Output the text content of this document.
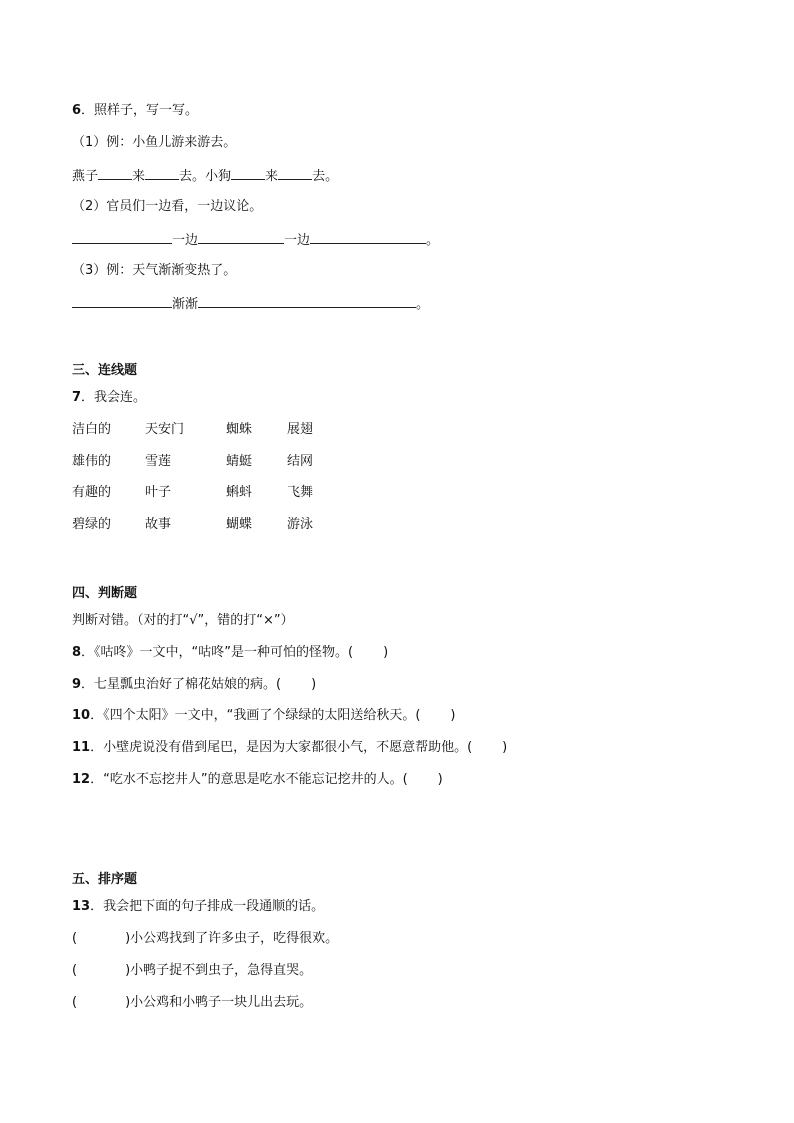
6．照样子，写一写。
（1）例：小鱼儿游来游去。
燕子	来	去。小狗	来	去。
（2）官员们一边看，一边议论。
一边	一边	。
（3）例：天气渐渐变热了。
渐渐	。
三、连线题
7．我会连。
洁白的	天安门	蜘蛛	展翅
雄伟的	雪莲	蜻蜓	结网
有趣的	叶子	蝌蚪	飞舞
碧绿的	故事	蝴蝶	游泳
四、判断题
判断对错。（对的打“√”，错的打“×”）
8．《咕咚》一文中，“咕咚”是一种可怕的怪物。( )
9．七星瓢虫治好了棉花姑娘的病。( )
10．《四个太阳》一文中，“我画了个绿绿的太阳送给秋天。( )
11．小壁虎说没有借到尾巴，是因为大家都很小气，不愿意帮助他。( )
12．“吃水不忘挖井人”的意思是吃水不能忘记挖井的人。( )
五、排序题
13．我会把下面的句子排成一段通顺的话。
(	)小公鸡找到了许多虫子，吃得很欢。
(	)小鸭子捉不到虫子，急得直哭。
(	)小公鸡和小鸭子一块儿出去玩。
